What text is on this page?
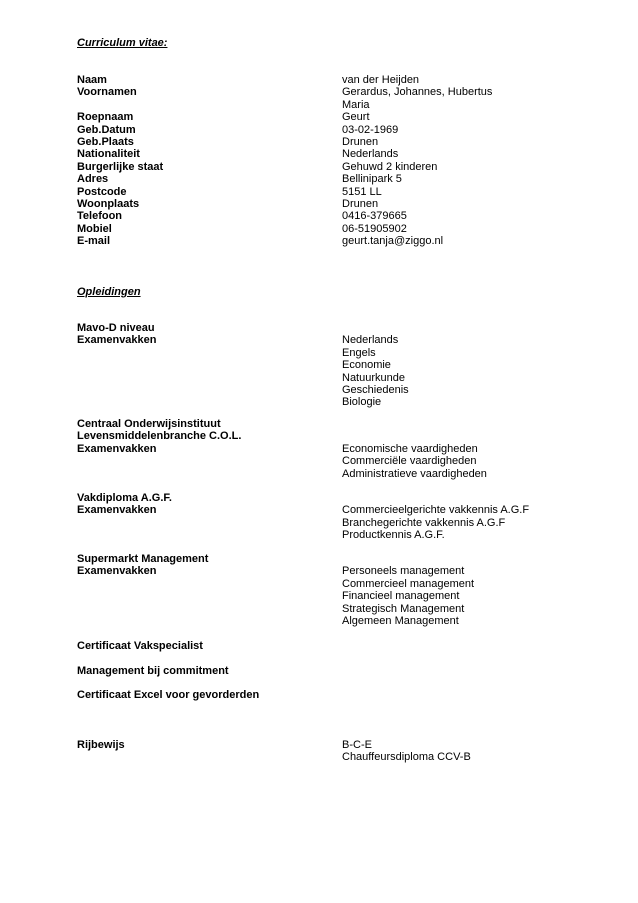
Curriculum vitae:
Naam	van der Heijden
Voornamen	Gerardus, Johannes, Hubertus
Maria
Roepnaam	Geurt
Geb.Datum	03-02-1969
Geb.Plaats	Drunen
Nationaliteit	Nederlands
Burgerlijke staat	Gehuwd 2 kinderen
Adres	Bellinipark 5
Postcode	5151 LL
Woonplaats	Drunen
Telefoon	0416-379665
Mobiel	06-51905902
E-mail	geurt.tanja@ziggo.nl
Opleidingen
Mavo-D niveau
Examenvakken	Nederlands
Engels
Economie
Natuurkunde
Geschiedenis
Biologie
Centraal Onderwijsinstituut
Levensmiddelenbranche C.O.L.
Examenvakken	Economische vaardigheden
Commerciële vaardigheden
Administratieve vaardigheden
Vakdiploma A.G.F.
Examenvakken	Commercieelgerichte vakkennis A.G.F
Branchegerichte vakkennis A.G.F
Productkennis A.G.F.
Supermarkt Management
Examenvakken	Personeels management
Commercieel management
Financieel management
Strategisch Management
Algemeen Management
Certificaat Vakspecialist
Management bij commitment
Certificaat Excel voor gevorderden
Rijbewijs	B-C-E
Chauffeursdiploma CCV-B
